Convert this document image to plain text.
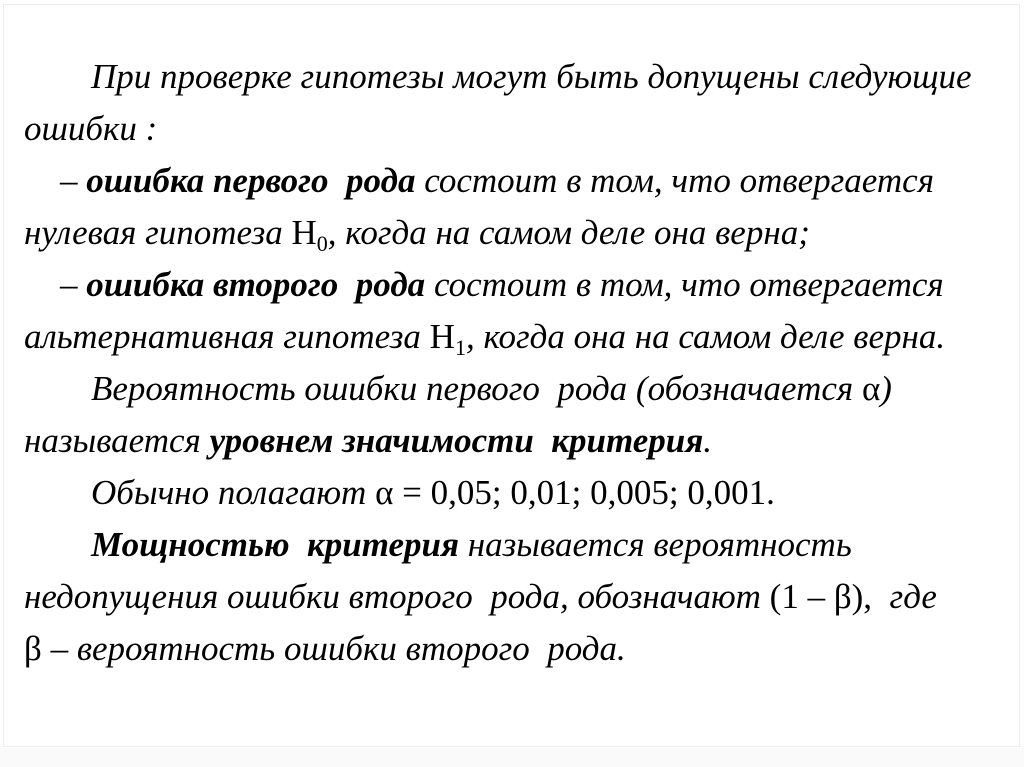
При проверке гипотезы могут быть допущены следующие
ошибки :
– ошибка первого  рода состоит в том, что отвергается
нулевая гипотеза $Н_0$, когда на самом деле она верна;
– ошибка второго  рода состоит в том, что отвергается
альтернативная гипотеза $Н_1$, когда она на самом деле верна.
Вероятность ошибки первого  рода (обозначается α)
называется уровнем значимости  критерия.
Обычно полагают α = 0,05; 0,01; 0,005; 0,001.
Мощностью  критерия называется вероятность
недопущения ошибки второго  рода, обозначают (1 – β),  где
β – вероятность ошибки второго  рода.
